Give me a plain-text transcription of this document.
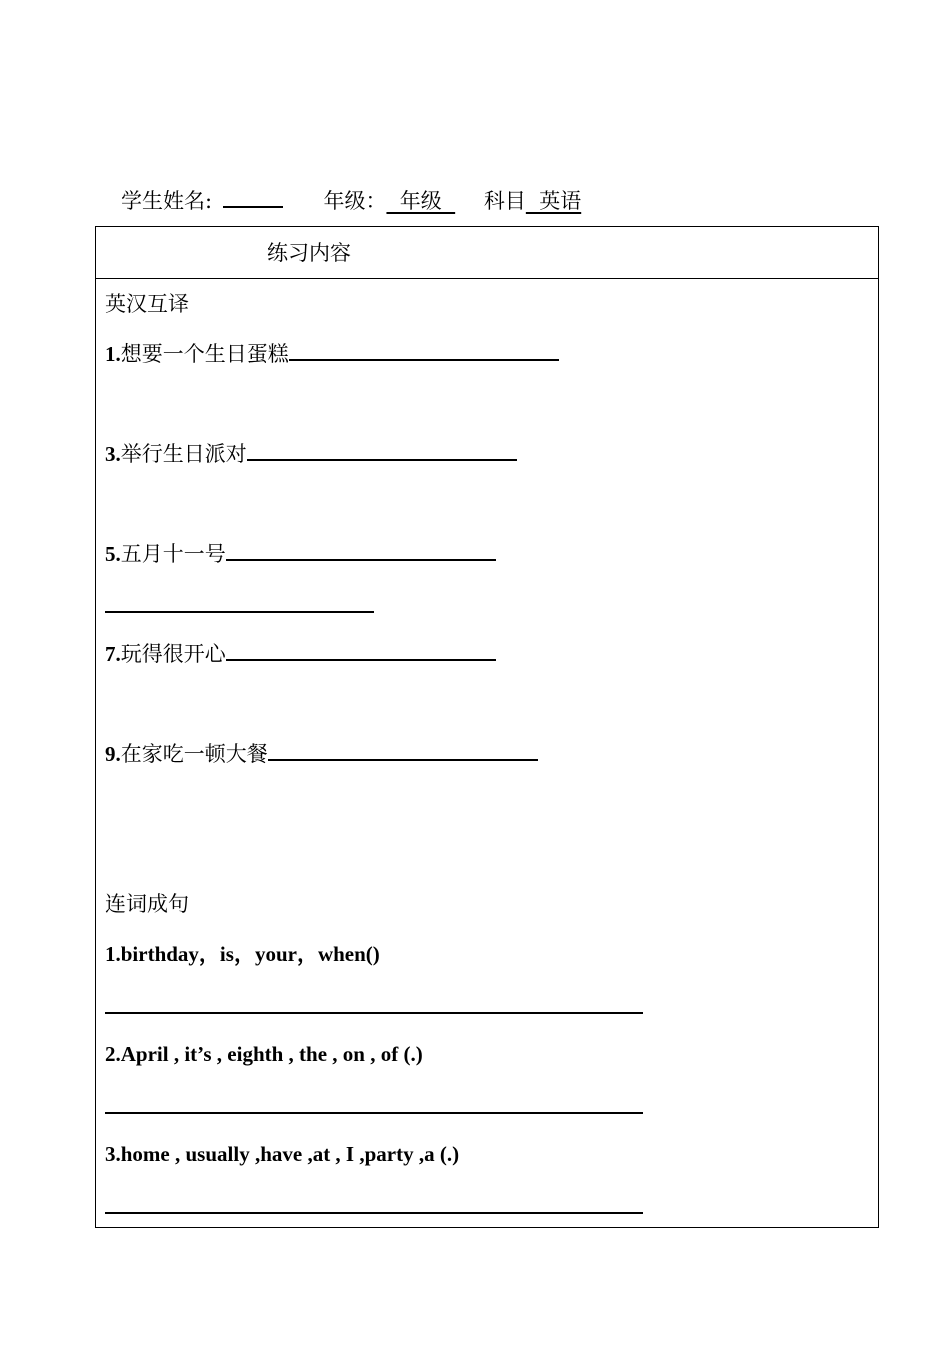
学生姓名:	年级：  年级   科目  英语
练习内容
英汉互译
1.想要一个生日蛋糕
3.举行生日派对
5.五月十一号
7.玩得很开心
9.在家吃一顿大餐
连词成句
1.birthday，is，your，when()
2.April , it’s , eighth , the , on , of (.)
3.home , usually ,have ,at , I ,party ,a (.)
